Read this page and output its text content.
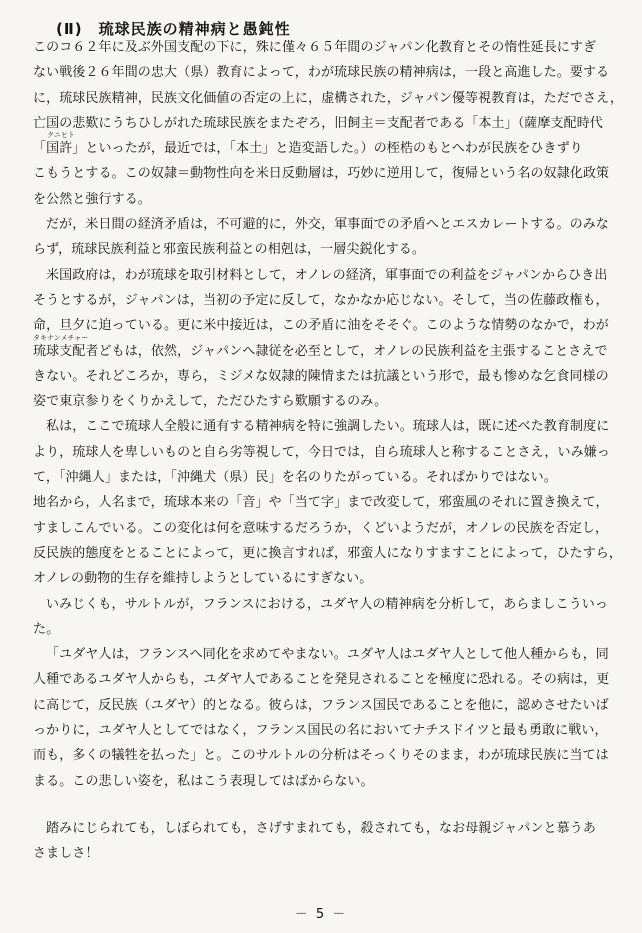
(Ⅱ)　琉球民族の精神病と愚鈍性
このコ６２年に及ぶ外国支配の下に，殊に僅々６５年間のジャパン化教育とその惰性延長にすぎ
ない戦後２６年間の忠大（県）教育によって，わが琉球民族の精神病は，一段と高進した。要する
に，琉球民族精神，民族文化価値の否定の上に，虚構された，ジャパン優等視教育は，ただでさえ，
亡国の悲歎にうちひしがれた琉球民族をまたぞろ，旧飼主＝支配者である「本土」（薩摩支配時代
クニヒト
「国許」といったが，最近では，「本土」と造変語した。）の桎梏のもとへわが民族をひきずり
こもうとする。この奴隷＝動物性向を米日反動層は，巧妙に逆用して，復帰という名の奴隷化政策
を公然と強行する。
だが，米日間の経済矛盾は，不可避的に，外交，軍事面での矛盾へとエスカレートする。のみな
らず，琉球民族利益と邪蛮民族利益との相剋は，一層尖鋭化する。
米国政府は，わが琉球を取引材料として，オノレの経済，軍事面での利益をジャパンからひき出
そうとするが，ジャパンは，当初の予定に反して，なかなか応じない。そして，当の佐藤政権も，
命，旦夕に迫っている。更に米中接近は，この矛盾に油をそそぐ。このような情勢のなかで，わが
タキナンメチャー
琉球支配者どもは，依然，ジャパンへ隷従を必至として，オノレの民族利益を主張することさえで
きない。それどころか，専ら，ミジメな奴隷的陳情または抗議という形で，最も惨めな乞食同様の
姿で東京参りをくりかえして，ただひたすら歎願するのみ。
私は，ここで琉球人全般に通有する精神病を特に強調したい。琉球人は，既に述べた教育制度に
より，琉球人を卑しいものと自ら劣等視して，今日では，自ら琉球人と称することさえ，いみ嫌っ
て，「沖縄人」または，「沖縄犬（県）民」を名のりたがっている。それぱかりではない。
地名から，人名まで，琉球本来の「音」や「当て字」まで改変して，邪蛮風のそれに置き換えて，
すましこんでいる。この変化は何を意味するだろうか，くどいようだが，オノレの民族を否定し，
反民族的態度をとることによって，更に換言すれば，邪蛮人になりすますことによって，ひたすら，
オノレの動物的生存を維持しようとしているにすぎない。
いみじくも，サルトルが，フランスにおける，ユダヤ人の精神病を分析して，あらましこういっ
た。
「ユダヤ人は，フランスへ同化を求めてやまない。ユダヤ人はユダヤ人として他人種からも，同
人種であるユダヤ人からも，ユダヤ人であることを発見されることを極度に恐れる。その病は，更
に高じて，反民族（ユダヤ）的となる。彼らは，フランス国民であることを他に，認めさせたいば
っかりに，ユダヤ人としてではなく，フランス国民の名においてナチスドイツと最も勇敢に戦い，
而も，多くの犠牲を払った」と。このサルトルの分析はそっくりそのまま，わが琉球民族に当ては
まる。この悲しい姿を，私はこう表現してはばからない。
踏みにじられても，しぼられても，さげすまれても，殺されても，なお母親ジャパンと慕うあ
さましさ！
－ 5 －
